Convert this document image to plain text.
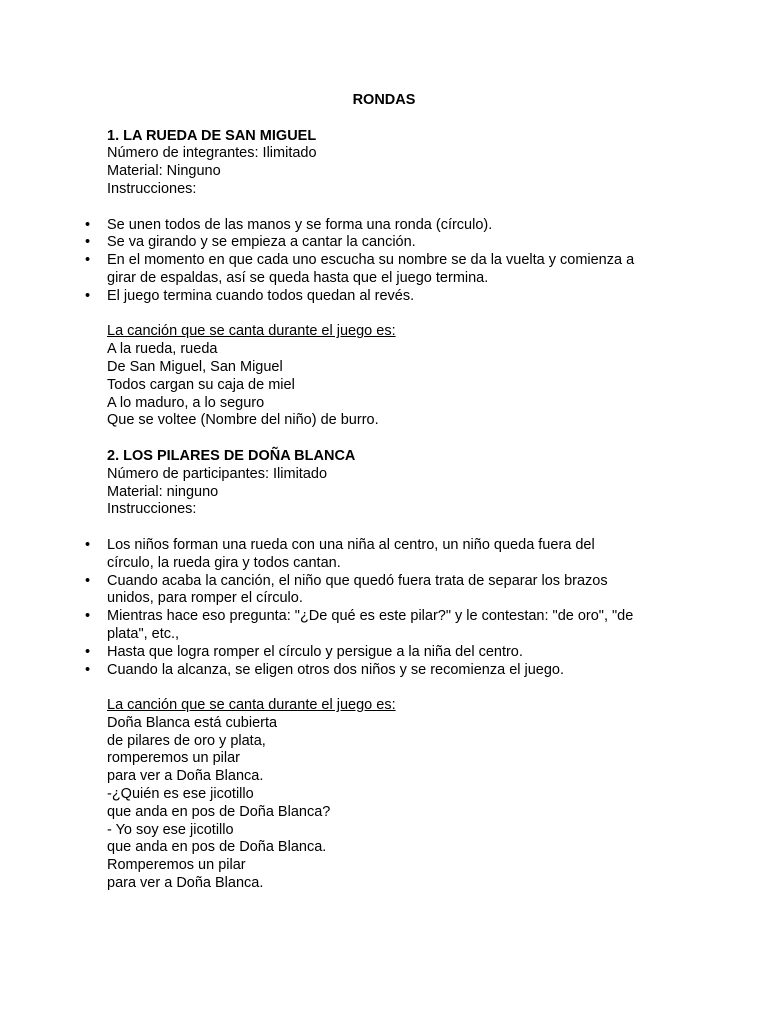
RONDAS

1. LA RUEDA DE SAN MIGUEL

Número de integrantes: Ilimitado

Material: Ninguno

Instrucciones:

• Se unen todos de las manos y se forma una ronda (círculo).
• Se va girando y se empieza a cantar la canción.
• En el momento en que cada uno escucha su nombre se da la vuelta y comienza a
girar de espaldas, así se queda hasta que el juego termina.
• El juego termina cuando todos quedan al revés.

La canción que se canta durante el juego es:

A la rueda, rueda

De San Miguel, San Miguel

Todos cargan su caja de miel

A lo maduro, a lo seguro

Que se voltee (Nombre del niño) de burro.

2. LOS PILARES DE DOÑA BLANCA

Número de participantes: Ilimitado

Material: ninguno

Instrucciones:

• Los niños forman una rueda con una niña al centro, un niño queda fuera del
círculo, la rueda gira y todos cantan.
• Cuando acaba la canción, el niño que quedó fuera trata de separar los brazos
unidos, para romper el círculo.
• Mientras hace eso pregunta: "¿De qué es este pilar?" y le contestan: "de oro", "de
plata", etc.,
• Hasta que logra romper el círculo y persigue a la niña del centro.
• Cuando la alcanza, se eligen otros dos niños y se recomienza el juego.

La canción que se canta durante el juego es:

Doña Blanca está cubierta

de pilares de oro y plata,

romperemos un pilar

para ver a Doña Blanca.

-¿Quién es ese jicotillo

que anda en pos de Doña Blanca?

- Yo soy ese jicotillo

que anda en pos de Doña Blanca.

Romperemos un pilar

para ver a Doña Blanca.
